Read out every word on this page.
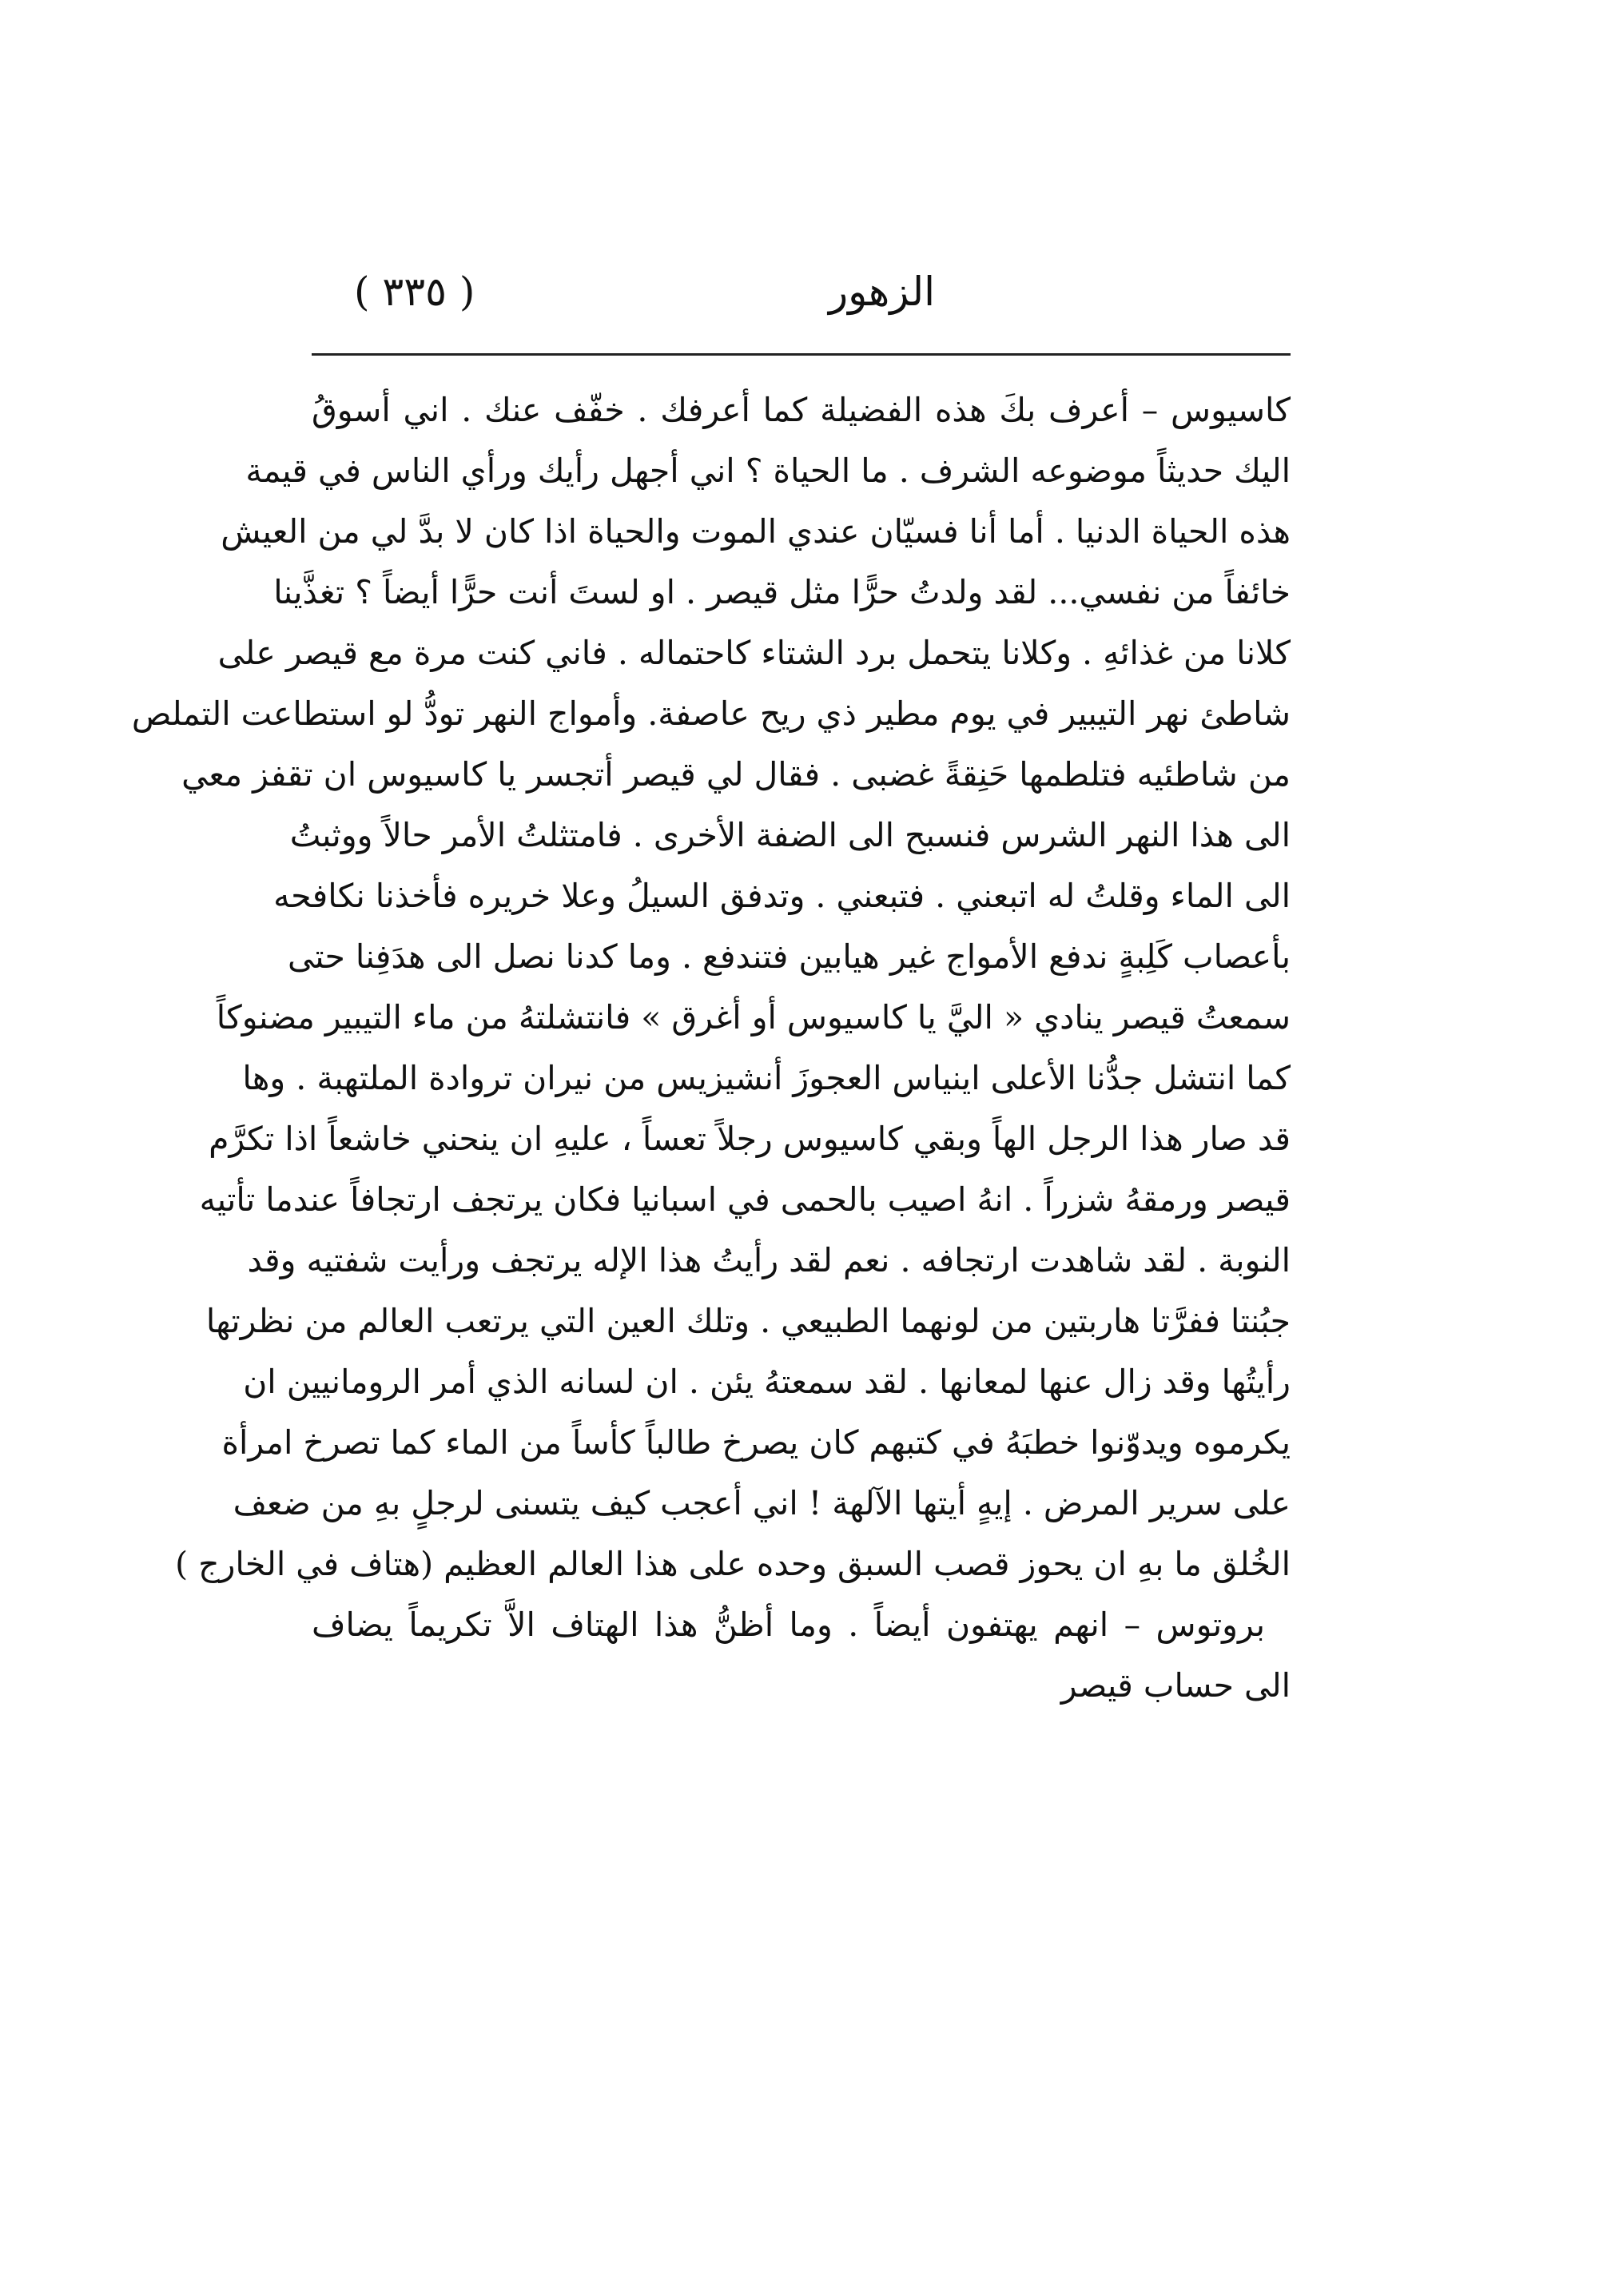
الزهور
( ٣٣٥ )
كاسيوس – أعرف بكَ هذه الفضيلة كما أعرفك . خفّف عنك . اني أسوقُ
اليك حديثاً موضوعه الشرف . ما الحياة ؟ اني أجهل رأيك ورأي الناس في قيمة
هذه الحياة الدنيا . أما أنا فسيّان عندي الموت والحياة اذا كان لا بدَّ لي من العيش
خائفاً من نفسي... لقد ولدتُ حرًّا مثل قيصر . او لستَ أنت حرًّا أيضاً ؟ تغذَّينا
كلانا من غذائهِ . وكلانا يتحمل برد الشتاء كاحتماله . فاني كنت مرة مع قيصر على
شاطئ نهر التيبير في يوم مطير ذي ريح عاصفة. وأمواج النهر تودُّ لو استطاعت التملص
من شاطئيه فتلطمها حَنِقةً غضبى . فقال لي قيصر أتجسر يا كاسيوس ان تقفز معي
الى هذا النهر الشرس فنسبح الى الضفة الأخرى . فامتثلتُ الأمر حالاً ووثبتُ
الى الماء وقلتُ له اتبعني . فتبعني . وتدفق السيلُ وعلا خريره فأخذنا نكافحه
بأعصاب كَلِبةٍ ندفع الأمواج غير هيابين فتندفع . وما كدنا نصل الى هدَفِنا حتى
سمعتُ قيصر ينادي « اليَّ يا كاسيوس أو أغرق » فانتشلتهُ من ماء التيبير مضنوكاً
كما انتشل جدُّنا الأعلى اينياس العجوزَ أنشيزيس من نيران تروادة الملتهبة . وها
قد صار هذا الرجل الهاً وبقي كاسيوس رجلاً تعساً ، عليهِ ان ينحني خاشعاً اذا تكرَّم
قيصر ورمقهُ شزراً . انهُ اصيب بالحمى في اسبانيا فكان يرتجف ارتجافاً عندما تأتيه
النوبة . لقد شاهدت ارتجافه . نعم لقد رأيتُ هذا الإله يرتجف ورأيت شفتيه وقد
جبُنتا ففرَّتا هاربتين من لونهما الطبيعي . وتلك العين التي يرتعب العالم من نظرتها
رأيتُها وقد زال عنها لمعانها . لقد سمعتهُ يئن . ان لسانه الذي أمر الرومانيين ان
يكرموه ويدوّنوا خطبَهُ في كتبهم كان يصرخ طالباً كأساً من الماء كما تصرخ امرأة
على سرير المرض . إيهٍ أيتها الآلهة ! اني أعجب كيف يتسنى لرجلٍ بهِ من ضعف
الخُلق ما بهِ ان يحوز قصب السبق وحده على هذا العالم العظيم (هتاف في الخارج )
بروتوس – انهم يهتفون أيضاً . وما أظنُّ هذا الهتاف الاَّ تكريماً يضاف
الى حساب قيصر
